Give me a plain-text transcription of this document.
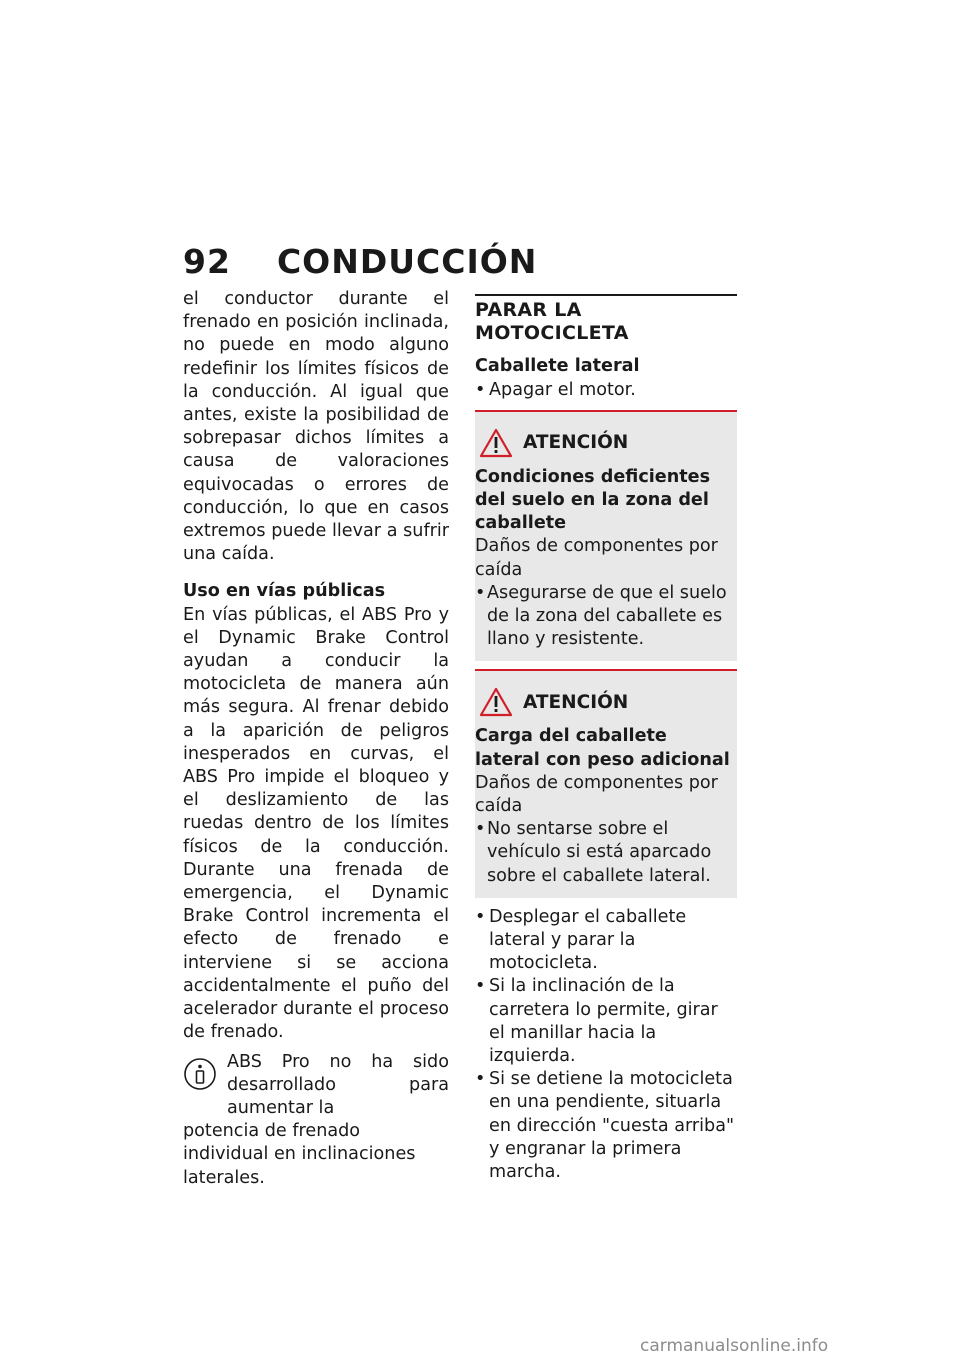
92 CONDUCCIÓN

el conductor durante el frenado en posición inclinada, no puede en modo alguno redefinir los límites físicos de la conducción. Al igual que antes, existe la posibilidad de sobrepasar dichos límites a causa de valoraciones equivocadas o errores de conducción, lo que en casos extremos puede llevar a sufrir una caída.

Uso en vías públicas

En vías públicas, el ABS Pro y el Dynamic Brake Control ayudan a conducir la motocicleta de manera aún más segura. Al frenar debido a la aparición de peligros inesperados en curvas, el ABS Pro impide el bloqueo y el deslizamiento de las ruedas dentro de los límites físicos de la conducción. Durante una frenada de emergencia, el Dynamic Brake Control incrementa el efecto de frenado e interviene si se acciona accidentalmente el puño del acelerador durante el proceso de frenado.

ABS Pro no ha sido desarrollado para aumentar la

potencia de frenado individual en inclinaciones laterales.

PARAR LA MOTOCICLETA

Caballete lateral

• Apagar el motor.
ATENCIÓN

Condiciones deficientes del suelo en la zona del caballete

Daños de componentes por caída

• Asegurarse de que el suelo de la zona del caballete es llano y resistente.
ATENCIÓN

Carga del caballete lateral con peso adicional

Daños de componentes por caída

• No sentarse sobre el vehículo si está aparcado sobre el caballete lateral.
• Desplegar el caballete lateral y parar la motocicleta.
• Si la inclinación de la carretera lo permite, girar el manillar hacia la izquierda.
• Si se detiene la motocicleta en una pendiente, situarla en dirección "cuesta arriba" y engranar la primera marcha.
carmanualsonline.info
